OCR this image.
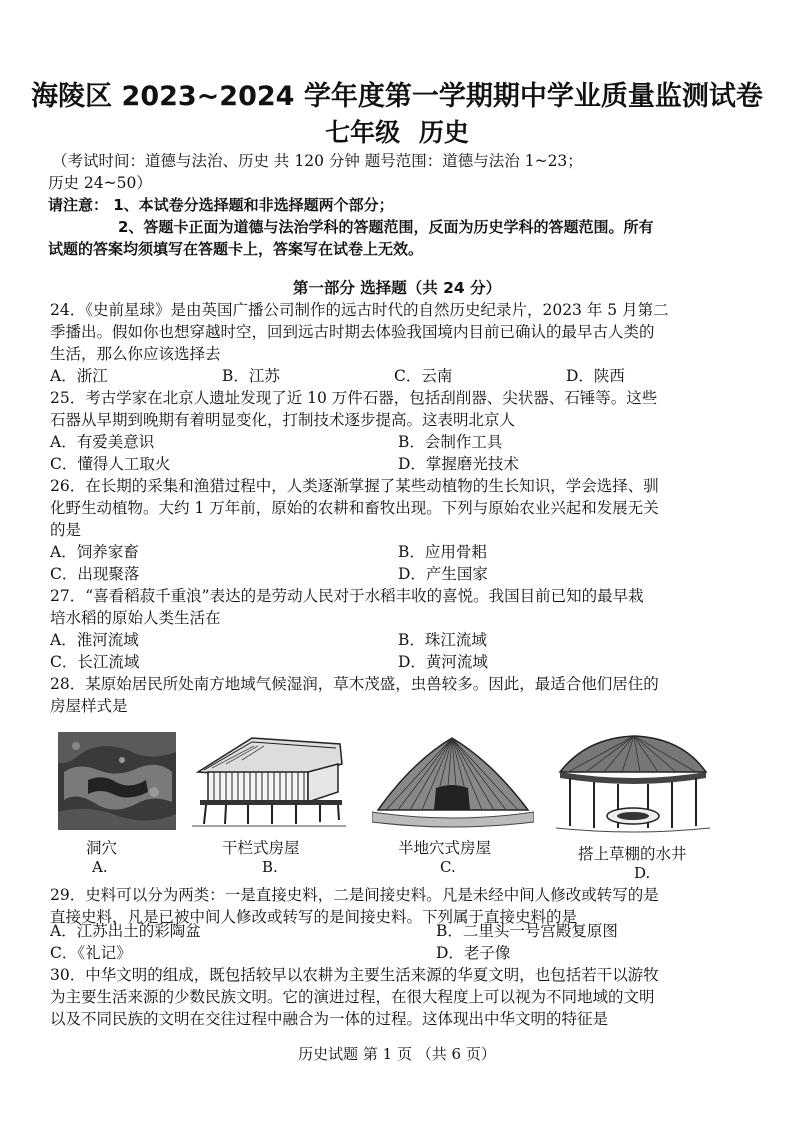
海陵区 2023~2024 学年度第一学期期中学业质量监测试卷
七年级 历史
（考试时间：道德与法治、历史 共 120 分钟 题号范围：道德与法治 1~23；
历史 24~50）
请注意： 1、本试卷分选择题和非选择题两个部分；
2、答题卡正面为道德与法治学科的答题范围，反面为历史学科的答题范围。所有
试题的答案均须填写在答题卡上，答案写在试卷上无效。
第一部分 选择题（共 24 分）
24．《史前星球》是由英国广播公司制作的远古时代的自然历史纪录片，2023 年 5 月第二
季播出。假如你也想穿越时空，回到远古时期去体验我国境内目前已确认的最早古人类的
生活，那么你应该选择去
A．浙江	B．江苏	C．云南	D．陕西
25．考古学家在北京人遗址发现了近 10 万件石器，包括刮削器、尖状器、石锤等。这些
石器从早期到晚期有着明显变化，打制技术逐步提高。这表明北京人
A．有爱美意识	B．会制作工具
C．懂得人工取火	D．掌握磨光技术
26．在长期的采集和渔猎过程中，人类逐渐掌握了某些动植物的生长知识，学会选择、驯
化野生动植物。大约 1 万年前，原始的农耕和畜牧出现。下列与原始农业兴起和发展无关
的是
A．饲养家畜	B．应用骨耜
C．出现聚落	D．产生国家
27．“喜看稻菽千重浪”表达的是劳动人民对于水稻丰收的喜悦。我国目前已知的最早栽
培水稻的原始人类生活在
A．淮河流域	B．珠江流域
C．长江流域	D．黄河流域
28．某原始居民所处南方地域气候湿润，草木茂盛，虫兽较多。因此，最适合他们居住的
房屋样式是
洞穴
A.
干栏式房屋
B.
半地穴式房屋
C.
搭上草棚的水井
D.
29．史料可以分为两类：一是直接史料，二是间接史料。凡是未经中间人修改或转写的是
直接史料，凡是已被中间人修改或转写的是间接史料。下列属于直接史料的是
A．江苏出土的彩陶盆	B．二里头一号宫殿复原图
C．《礼记》	D．老子像
30．中华文明的组成，既包括较早以农耕为主要生活来源的华夏文明，也包括若干以游牧
为主要生活来源的少数民族文明。它的演进过程，在很大程度上可以视为不同地域的文明
以及不同民族的文明在交往过程中融合为一体的过程。这体现出中华文明的特征是
历史试题 第 1 页 （共 6 页）
